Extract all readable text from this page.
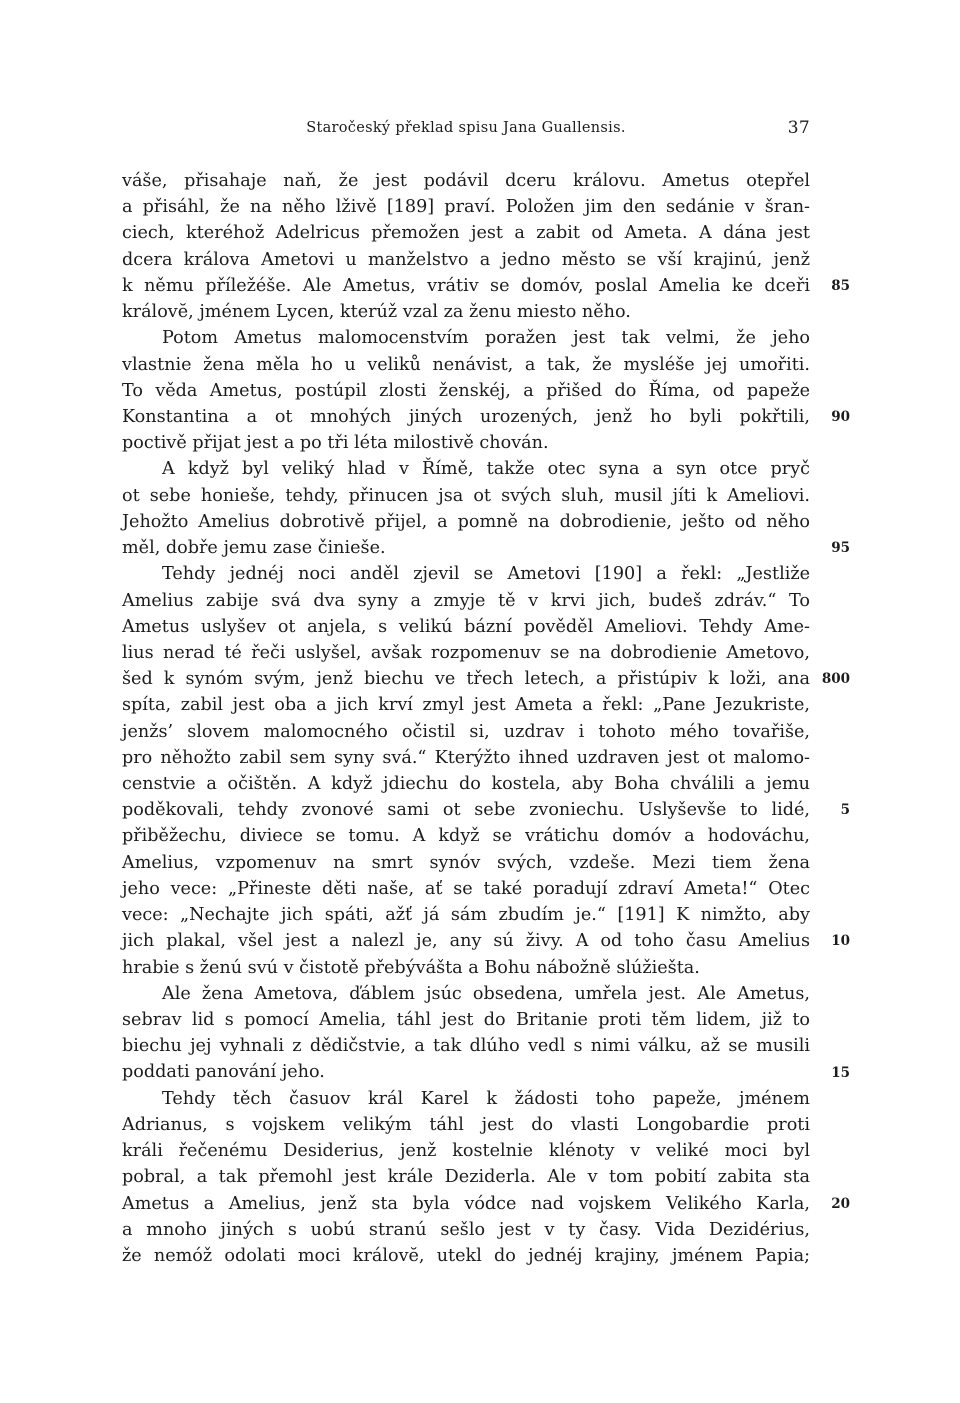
Staročeský překlad spisu Jana Guallensis.	37
váše, přisahaje naň, že jest podávil dceru královu. Ametus otepřel
a přisáhl, že na něho lživě [189] praví. Položen jim den sedánie v šran-
ciech, kteréhož Adelricus přemožen jest a zabit od Ameta. A dána jest
dcera králova Ametovi u manželstvo a jedno město se vší krajinú, jenž
k němu příležéše. Ale Ametus, vrátiv se domóv, poslal Amelia ke dceři
královĕ, jménem Lycen, kterúž vzal za ženu miesto něho.
Potom Ametus malomocenstvím poražen jest tak velmi, že jeho
vlastnie žena měla ho u veliků nenávist, a tak, že mysléše jej umořiti.
To věda Ametus, postúpil zlosti ženskéj, a přišed do Říma, od papeže
Konstantina a ot mnohých jiných urozených, jenž ho byli pokřtili,
poctivě přijat jest a po tři léta milostivě chován.
A když byl veliký hlad v Římě, takže otec syna a syn otce pryč
ot sebe honieše, tehdy, přinucen jsa ot svých sluh, musil jíti k Ameliovi.
Jehožto Amelius dobrotivě přijel, a pomně na dobrodienie, ješto od něho
měl, dobře jemu zase činieše.
Tehdy jednéj noci anděl zjevil se Ametovi [190] a řekl: „Jestliže
Amelius zabije svá dva syny a zmyje tě v krvi jich, budeš zdráv.“ To
Ametus uslyšev ot anjela, s velikú bázní pověděl Ameliovi. Tehdy Ame-
lius nerad té řeči uslyšel, avšak rozpomenuv se na dobrodienie Ametovo,
šed k synóm svým, jenž biechu ve třech letech, a přistúpiv k loži, ana
spíta, zabil jest oba a jich krví zmyl jest Ameta a řekl: „Pane Jezukriste,
jenžs’ slovem malomocného očistil si, uzdrav i tohoto mého tovařiše,
pro něhožto zabil sem syny svá.“ Kterýžto ihned uzdraven jest ot malomo-
censtvie a očištěn. A když jdiechu do kostela, aby Boha chválili a jemu
poděkovali, tehdy zvonové sami ot sebe zvoniechu. Uslyševše to lidé,
přiběžechu, diviece se tomu. A když se vrátichu domóv a hodováchu,
Amelius, vzpomenuv na smrt synóv svých, vzdeše. Mezi tiem žena
jeho vece: „Přineste děti naše, ať se také poradují zdraví Ameta!“ Otec
vece: „Nechajte jich spáti, ažť já sám zbudím je.“ [191] K nimžto, aby
jich plakal, všel jest a nalezl je, any sú živy. A od toho času Amelius
hrabie s ženú svú v čistotě přebývášta a Bohu nábožně slúžiešta.
Ale žena Ametova, ďáblem jsúc obsedena, umřela jest. Ale Ametus,
sebrav lid s pomocí Amelia, táhl jest do Britanie proti těm lidem, již to
biechu jej vyhnali z dědičstvie, a tak dlúho vedl s nimi válku, až se musili
poddati panování jeho.
Tehdy těch časuov král Karel k žádosti toho papeže, jménem
Adrianus, s vojskem velikým táhl jest do vlasti Longobardie proti
králi řečenému Desiderius, jenž kostelnie klénoty v veliké moci byl
pobral, a tak přemohl jest krále Deziderla. Ale v tom pobití zabita sta
Ametus a Amelius, jenž sta byla vódce nad vojskem Velikého Karla,
a mnoho jiných s uobú stranú sešlo jest v ty časy. Vida Dezidérius,
že nemóž odolati moci královĕ, utekl do jednéj krajiny, jménem Papia;
85
90
95
800
5
10
15
20
